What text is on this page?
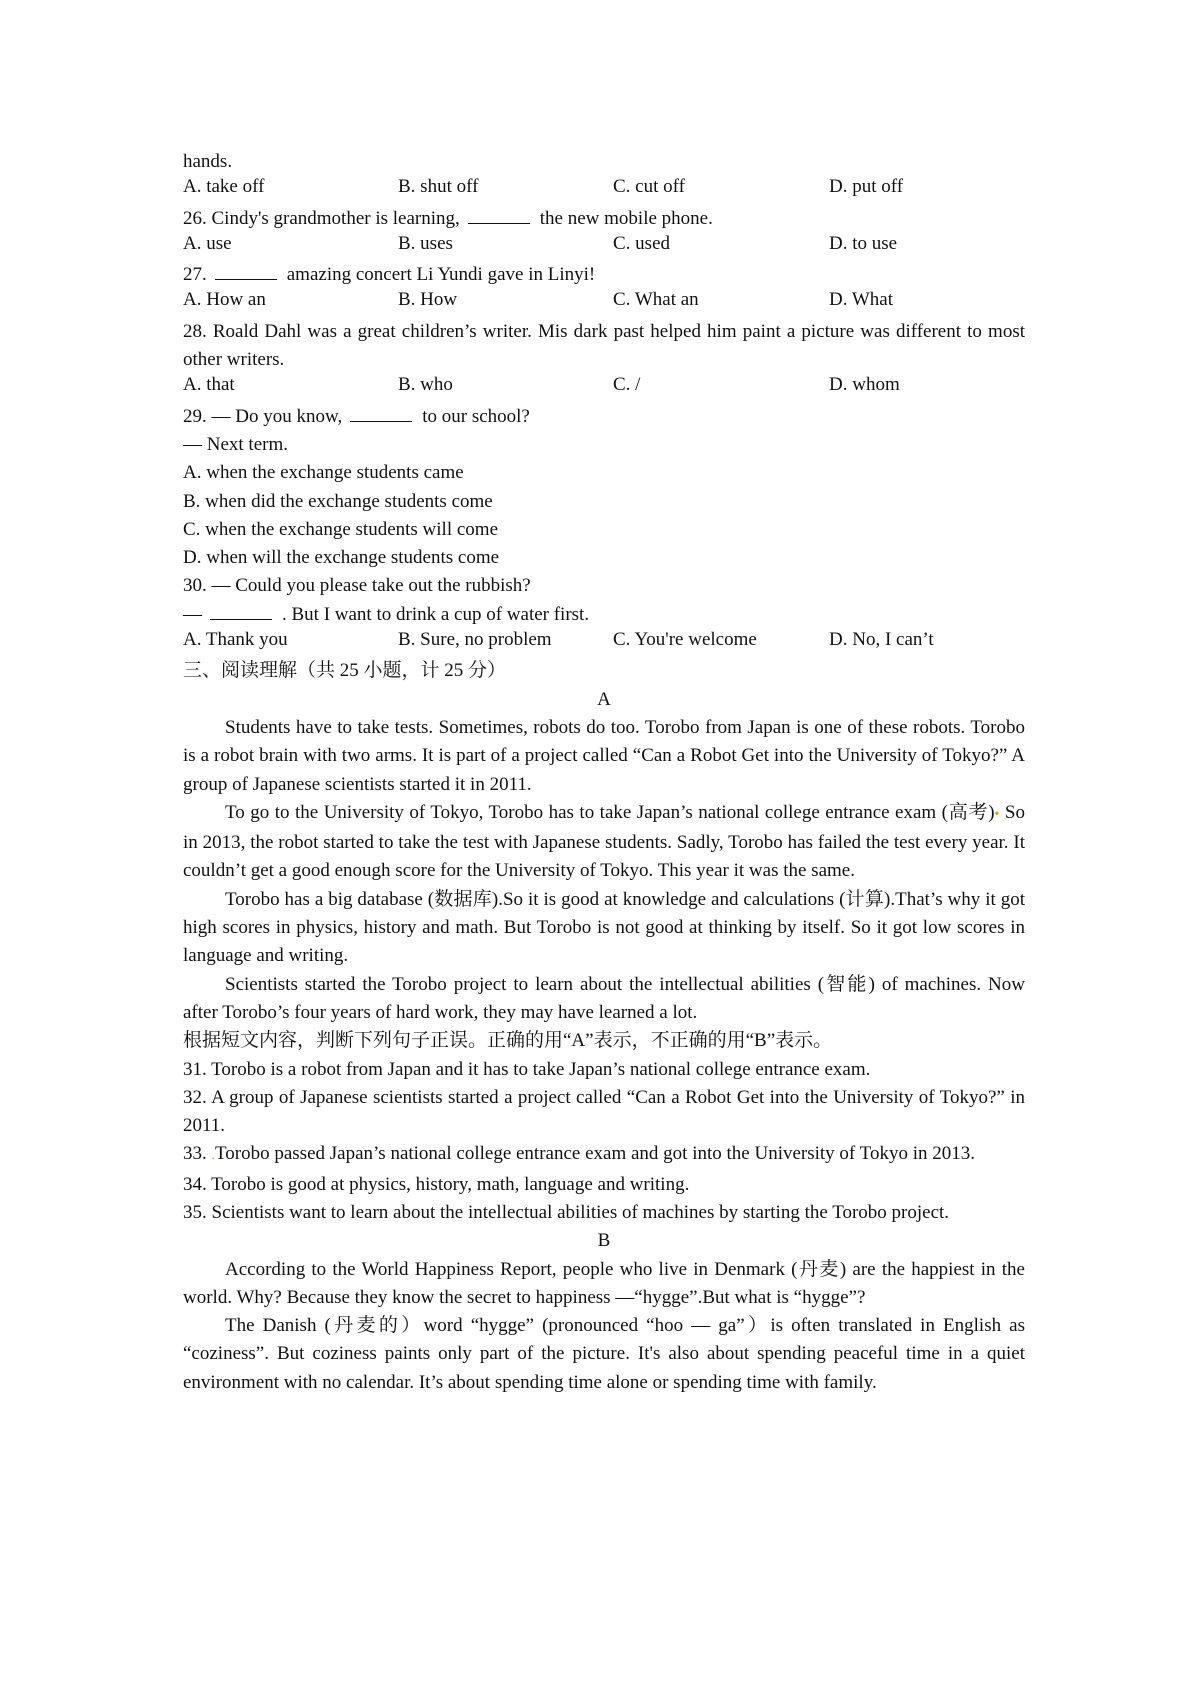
hands.
A. take off	B. shut off	C. cut off	D. put off
26. Cindy's grandmother is learning,	the new mobile phone.
A. use	B. uses	C. used	D. to use
27.	amazing concert Li Yundi gave in Linyi!
A. How an	B. How	C. What an	D. What
28. Roald Dahl was a great children’s writer. Mis dark past helped him paint a picture was different to most other writers.
A. that	B. who	C. /	D. whom
29. — Do you know,	to our school?
— Next term.
A. when the exchange students came
B. when did the exchange students come
C. when the exchange students will come
D. when will the exchange students come
30. — Could you please take out the rubbish?
—	. But I want to drink a cup of water first.
A. Thank you	B. Sure, no problem	C. You're welcome	D. No, I can’t
三、阅读理解（共 25 小题，计 25 分）
A
Students have to take tests. Sometimes, robots do too. Torobo from Japan is one of these robots. Torobo is a robot brain with two arms. It is part of a project called “Can a Robot Get into the University of Tokyo?” A group of Japanese scientists started it in 2011.
To go to the University of Tokyo, Torobo has to take Japan’s national college entrance exam (高考)• So in 2013, the robot started to take the test with Japanese students. Sadly, Torobo has failed the test every year. It couldn’t get a good enough score for the University of Tokyo. This year it was the same.
Torobo has a big database (数据库).So it is good at knowledge and calculations (计算).That’s why it got high scores in physics, history and math. But Torobo is not good at thinking by itself. So it got low scores in language and writing.
Scientists started the Torobo project to learn about the intellectual abilities (智能) of machines. Now after Torobo’s four years of hard work, they may have learned a lot.
根据短文内容，判断下列句子正误。正确的用“A”表示，不正确的用“B”表示。
31. Torobo is a robot from Japan and it has to take Japan’s national college entrance exam.
32. A group of Japanese scientists started a project called “Can a Robot Get into the University of Tokyo?” in 2011.
33. .Torobo passed Japan’s national college entrance exam and got into the University of Tokyo in 2013.
34. Torobo is good at physics, history, math, language and writing.
35. Scientists want to learn about the intellectual abilities of machines by starting the Torobo project.
B
According to the World Happiness Report, people who live in Denmark (丹麦) are the happiest in the world. Why? Because they know the secret to happiness —“hygge”.But what is “hygge”?
The Danish (丹麦的）word “hygge” (pronounced “hoo — ga”）is often translated in English as “coziness”. But coziness paints only part of the picture. It's also about spending peaceful time in a quiet environment with no calendar. It’s about spending time alone or spending time with family.
